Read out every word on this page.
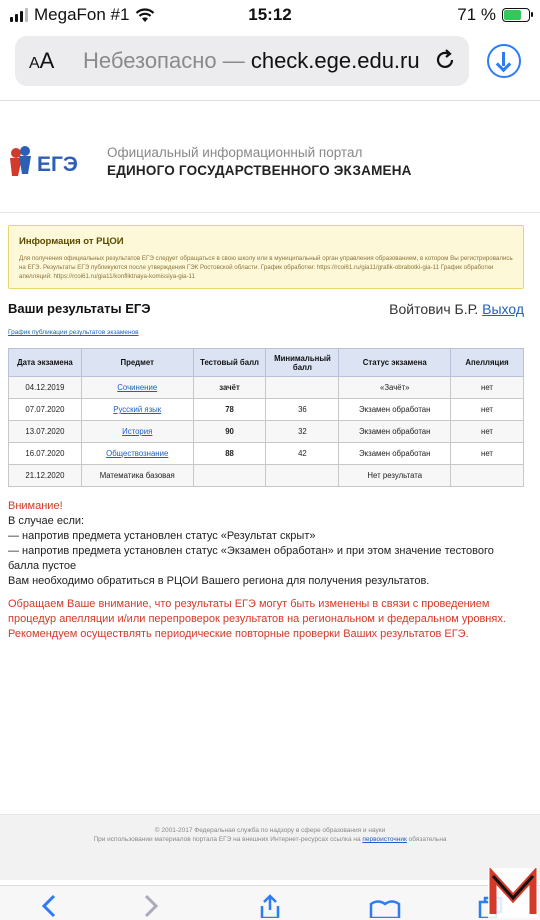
MegaFon #1	15:12	71 %
AA Небезопасно — check.ege.edu.ru
ЕГЭ
Официальный информационный портал
ЕДИНОГО ГОСУДАРСТВЕННОГО ЭКЗАМЕНА
Информация от РЦОИ
Для получения официальных результатов ЕГЭ следует обращаться в свою школу или в муниципальный орган управления образованием, в котором Вы регистрировались на ЕГЭ. Результаты ЕГЭ публикуются после утверждения ГЭК Ростовской области. График обработки: https://rcoi61.ru/gia11/grafik-obrabotki-gia-11 График обработки апелляций: https://rcoi61.ru/gia11/konfliktnaya-komissiya-gia-11
Ваши результаты ЕГЭ	Войтович Б.Р. Выход
График публикации результатов экзаменов
Дата экзамена	Предмет	Тестовый балл	Минимальный балл	Статус экзамена	Апелляция
04.12.2019	Сочинение	зачёт		«Зачёт»	нет
07.07.2020	Русский язык	78	36	Экзамен обработан	нет
13.07.2020	История	90	32	Экзамен обработан	нет
16.07.2020	Обществознание	88	42	Экзамен обработан	нет
21.12.2020	Математика базовая			Нет результата	
Внимание!
В случае если:
— напротив предмета установлен статус «Результат скрыт»
— напротив предмета установлен статус «Экзамен обработан» и при этом значение тестового балла пустое
Вам необходимо обратиться в РЦОИ Вашего региона для получения результатов.
Обращаем Ваше внимание, что результаты ЕГЭ могут быть изменены в связи с проведением процедур апелляции и/или перепроверок результатов на региональном и федеральном уровнях. Рекомендуем осуществлять периодические повторные проверки Ваших результатов ЕГЭ.
© 2001-2017 Федеральная служба по надзору в сфере образования и науки
При использовании материалов портала ЕГЭ на внешних Интернет-ресурсах ссылка на первоисточник обязательна
